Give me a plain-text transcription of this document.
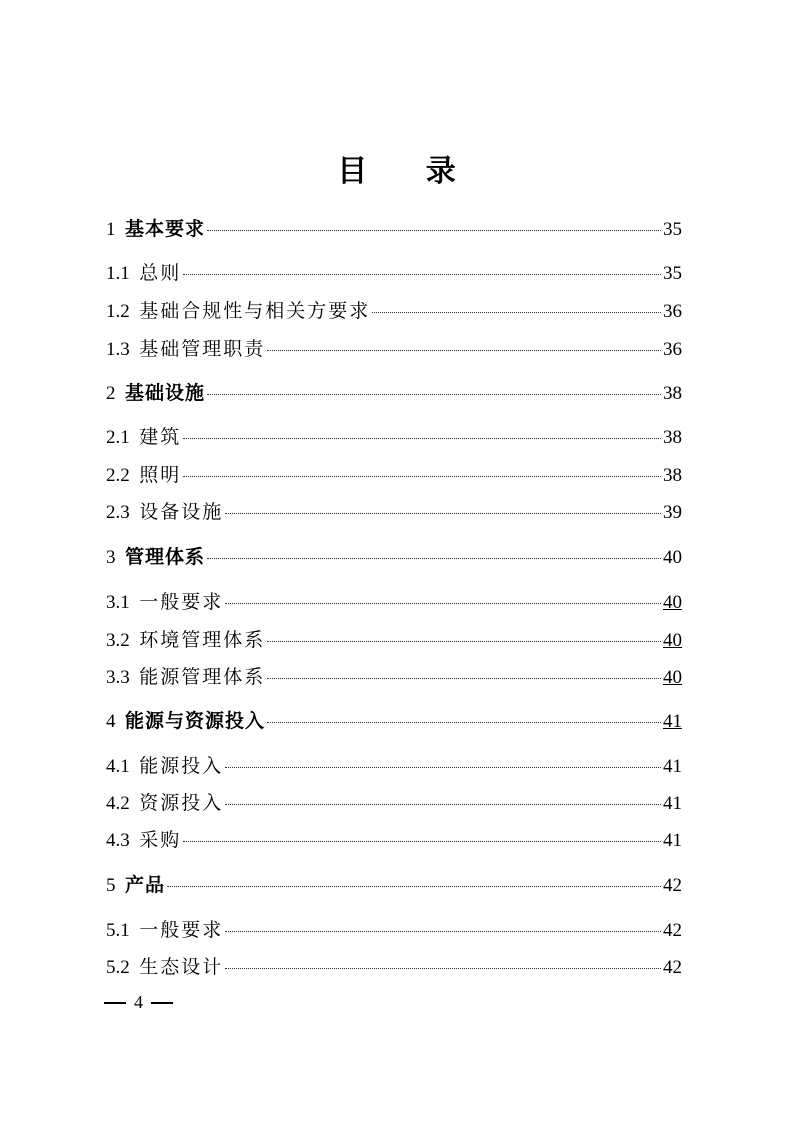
目 录
1 基本要求	35
1.1 总则	35
1.2 基础合规性与相关方要求	36
1.3 基础管理职责	36
2 基础设施	38
2.1 建筑	38
2.2 照明	38
2.3 设备设施	39
3 管理体系	40
3.1 一般要求	40
3.2 环境管理体系	40
3.3 能源管理体系	40
4 能源与资源投入	41
4.1 能源投入	41
4.2 资源投入	41
4.3 采购	41
5 产品	42
5.1 一般要求	42
5.2 生态设计	42
4
